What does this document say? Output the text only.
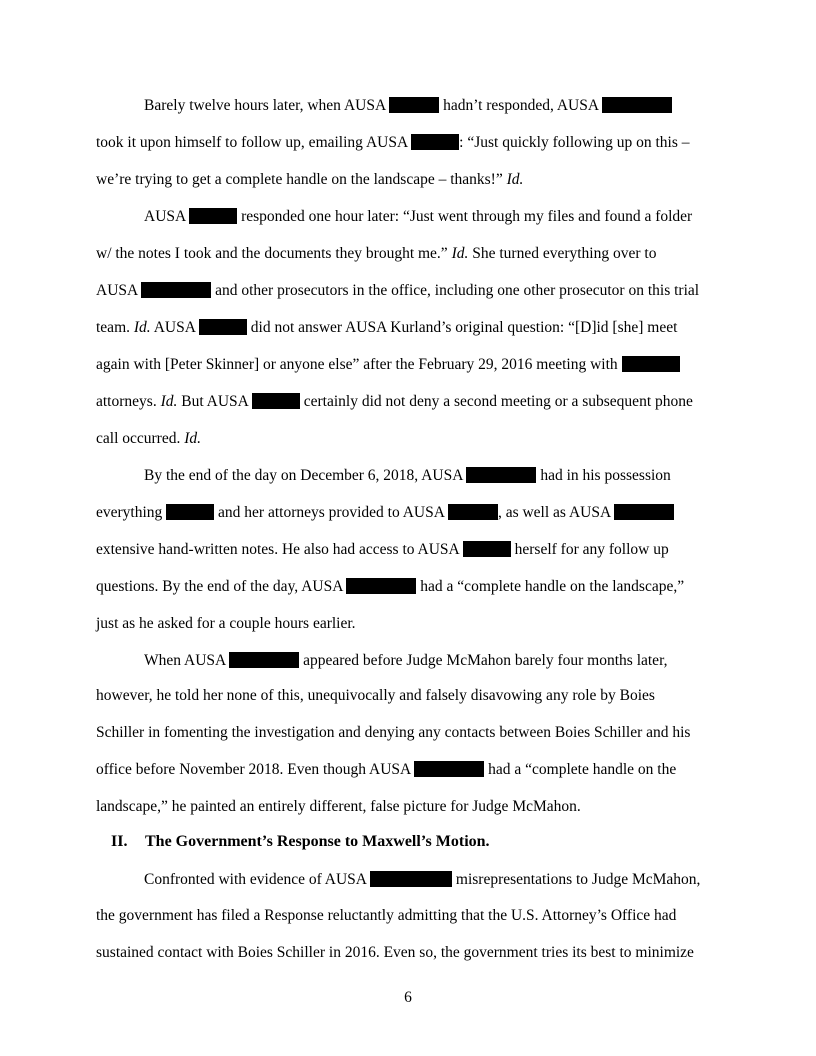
Barely twelve hours later, when AUSA	hadn’t responded, AUSA
took it upon himself to follow up, emailing AUSA	: “Just quickly following up on this –
we’re trying to get a complete handle on the landscape – thanks!” Id.
AUSA	responded one hour later: “Just went through my files and found a folder
w/ the notes I took and the documents they brought me.” Id. She turned everything over to
AUSA	and other prosecutors in the office, including one other prosecutor on this trial
team. Id. AUSA	did not answer AUSA Kurland’s original question: “[D]id [she] meet
again with [Peter Skinner] or anyone else” after the February 29, 2016 meeting with
attorneys. Id. But AUSA	certainly did not deny a second meeting or a subsequent phone
call occurred. Id.
By the end of the day on December 6, 2018, AUSA	had in his possession
everything	and her attorneys provided to AUSA	, as well as AUSA
extensive hand-written notes. He also had access to AUSA	herself for any follow up
questions. By the end of the day, AUSA	had a “complete handle on the landscape,”
just as he asked for a couple hours earlier.
When AUSA	appeared before Judge McMahon barely four months later,
however, he told her none of this, unequivocally and falsely disavowing any role by Boies
Schiller in fomenting the investigation and denying any contacts between Boies Schiller and his
office before November 2018. Even though AUSA	had a “complete handle on the
landscape,” he painted an entirely different, false picture for Judge McMahon.
II. The Government’s Response to Maxwell’s Motion.
Confronted with evidence of AUSA	misrepresentations to Judge McMahon,
the government has filed a Response reluctantly admitting that the U.S. Attorney’s Office had
sustained contact with Boies Schiller in 2016. Even so, the government tries its best to minimize
6
